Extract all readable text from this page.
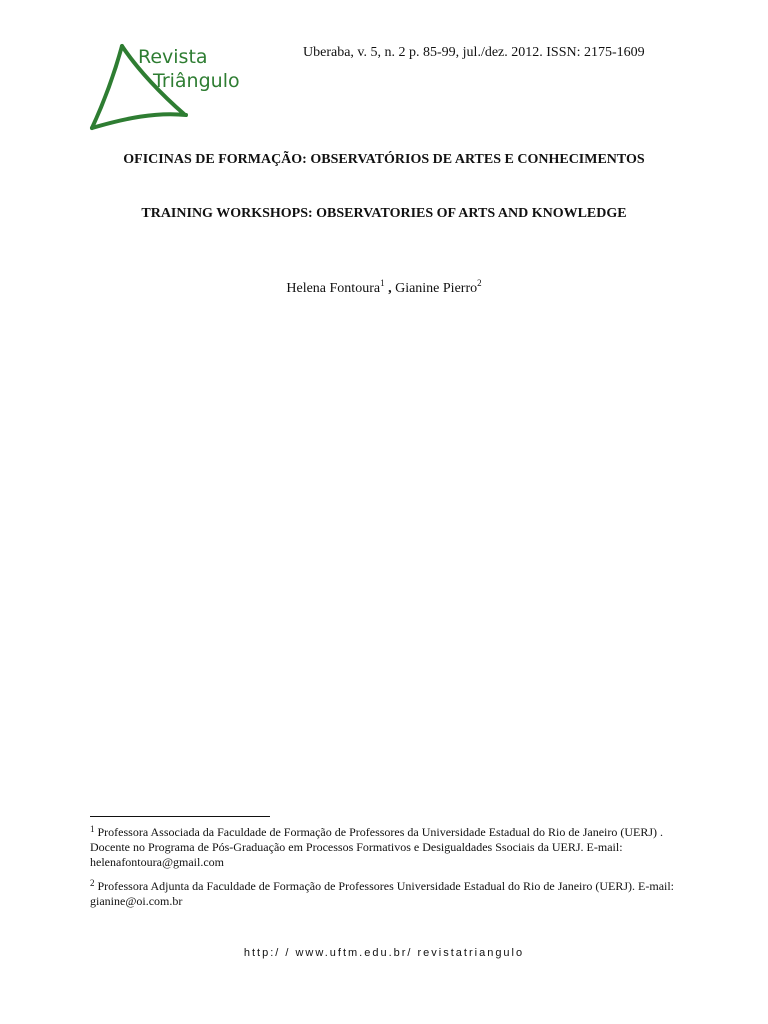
Revista
Triângulo
Uberaba, v. 5, n. 2 p. 85-99, jul./dez. 2012. ISSN: 2175-1609
OFICINAS DE FORMAÇÃO: OBSERVATÓRIOS DE ARTES E CONHECIMENTOS
TRAINING WORKSHOPS: OBSERVATORIES OF ARTS AND KNOWLEDGE
Helena Fontoura$^1$ , Gianine Pierro$^2$
$^1$ Professora Associada da Faculdade de Formação de Professores da Universidade Estadual do Rio de Janeiro (UERJ) . Docente no Programa de Pós-Graduação em Processos Formativos e Desigualdades Ssociais da UERJ. E-mail: helenafontoura@gmail.com
$^2$ Professora Adjunta da Faculdade de Formação de Professores Universidade Estadual do Rio de Janeiro (UERJ). E-mail: gianine@oi.com.br
http:/ / www.uftm.edu.br/ revistatriangulo
